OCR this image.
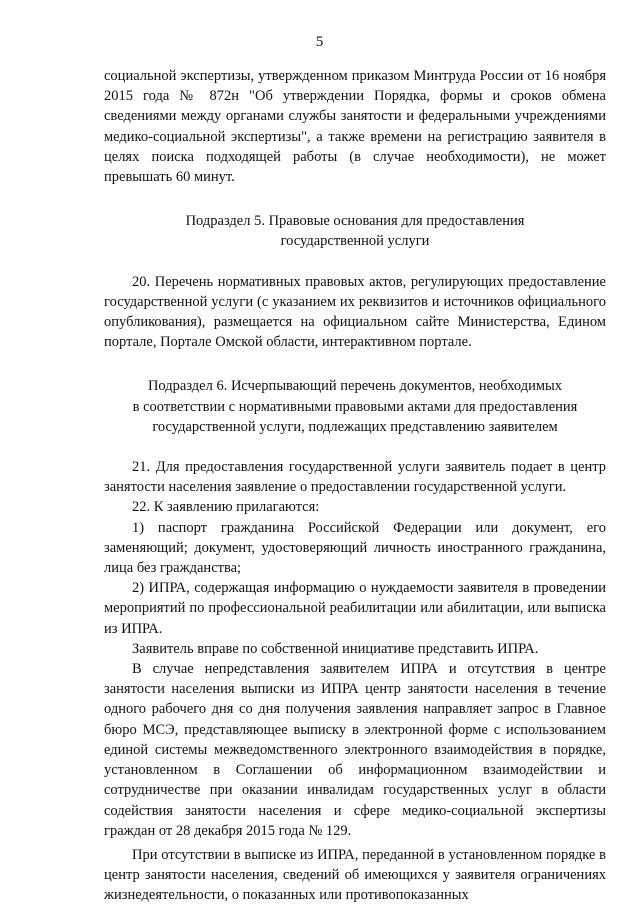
5

социальной экспертизы, утвержденном приказом Минтруда России от 16 ноября 2015 года № 872н "Об утверждении Порядка, формы и сроков обмена сведениями между органами службы занятости и федеральными учреждениями медико-социальной экспертизы", а также времени на регистрацию заявителя в целях поиска подходящей работы (в случае необходимости), не может превышать 60 минут.

Подраздел 5. Правовые основания для предоставления
государственной услуги

20. Перечень нормативных правовых актов, регулирующих предоставление государственной услуги (с указанием их реквизитов и источников официального опубликования), размещается на официальном сайте Министерства, Едином портале, Портале Омской области, интерактивном портале.

Подраздел 6. Исчерпывающий перечень документов, необходимых
в соответствии с нормативными правовыми актами для предоставления
государственной услуги, подлежащих представлению заявителем

21. Для предоставления государственной услуги заявитель подает в центр занятости населения заявление о предоставлении государственной услуги.

22. К заявлению прилагаются:

1) паспорт гражданина Российской Федерации или документ, его заменяющий; документ, удостоверяющий личность иностранного гражданина, лица без гражданства;

2) ИПРА, содержащая информацию о нуждаемости заявителя в проведении мероприятий по профессиональной реабилитации или абилитации, или выписка из ИПРА.

Заявитель вправе по собственной инициативе представить ИПРА.

В случае непредставления заявителем ИПРА и отсутствия в центре занятости населения выписки из ИПРА центр занятости населения в течение одного рабочего дня со дня получения заявления направляет запрос в Главное бюро МСЭ, представляющее выписку в электронной форме с использованием единой системы межведомственного электронного взаимодействия в порядке, установленном в Соглашении об информационном взаимодействии и сотрудничестве при оказании инвалидам государственных услуг в области содействия занятости населения и сфере медико-социальной экспертизы граждан от 28 декабря 2015 года № 129.

При отсутствии в выписке из ИПРА, переданной в установленном порядке в центр занятости населения, сведений об имеющихся у заявителя ограничениях жизнедеятельности, о показанных или противопоказанных
